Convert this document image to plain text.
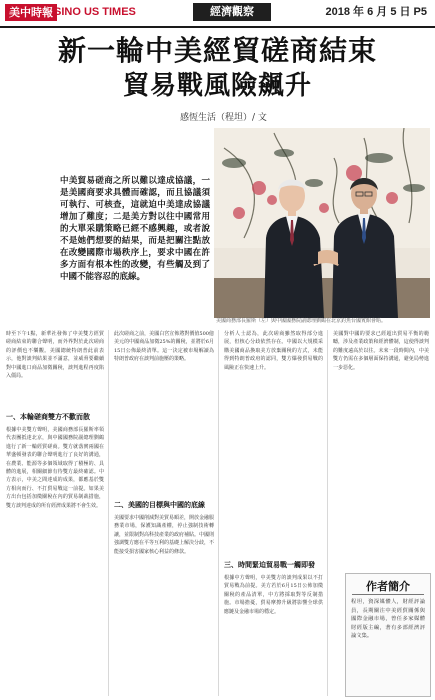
美中時報 SINO US TIMES	經濟觀察	2018 年 6 月 5 日 P5
新一輪中美經貿磋商結束
貿易戰風險飆升
感恆生活（程坦）/ 文
中美貿易磋商之所以難以達成協議，一是美國商要求具體而確認，而且協議須可執行、可核查，這就迫中美達成協議增加了難度；二是美方對以往中國常用的大單采購策略已經不感興趣，或者說不是她們想要的結果，而是把關注點放在改變國際市場秩序上，要求中國在許多方面有根本性的改變，有些觸及到了中國不能容忍的底線。
美國商務部長羅斯（左）與中國國務院副總理劉鶴在北京釣魚台國賓館會晤。
時至下午1點，新華社發佈了中美雙方經貿磋商結束的聯合聲明，而外界對於此次磋商的評價也不樂觀。美國總統特朗普此前表示，他對談判結果並不滿意，並威脅要繼續對中國進口商品加徵關稅，談判進程再度陷入僵局。
一、本輪磋商雙方不歡而散
根據中美雙方聲明，美國商務部長羅斯率領代表團抵達北京，與中國國務院副總理劉鶴進行了新一輪經貿磋商。雙方就落實兩國在華盛頓發表的聯合聲明進行了良好的溝通，在農業、能源等多個領域取得了積極的、具體的進展，相關細節有待雙方最終確認。中方表示，中美之間達成的成果，都應基於雙方相向而行、不打貿易戰這一前提。如果美方出台包括加徵關稅在內的貿易制裁措施，雙方談判達成的所有經濟成果將不會生效。
此次磋商之前，美國白宮宣佈將對價值500億美元的中國商品加徵25%的關稅，並將於6月15日公佈最終清單。這一決定被市場解讀為特朗普政府在談判前施壓的策略。
二、美國的目標與中國的底線
美國要求中國削減對美貿易順差，開放金融服務業市場，保護知識產權，停止強制技術轉讓，並限制對高科技產業的政府補貼。中國則強調雙方應在平等互利的基礎上解決分歧，不能接受損害國家核心利益的條款。
分析人士認為，此次磋商雖然取得部分進展，但核心分歧依然存在。中國以大規模采購美國商品換取美方放棄關稅的方式，未能得到特朗普政府的認同，雙方爆發貿易戰的風險正在快速上升。
三、時間緊迫貿易戰一觸即發
根據中方聲明，中美雙方的談判成果以不打貿易戰為前提。美方若於6月15日公佈加徵關稅的產品清單，中方將採取對等反制措施。市場擔憂，貿易摩擦升級將影響全球供應鏈及金融市場的穩定。
美國對中國的要求已經超出貿易平衡的範疇，涉及產業政策和經濟體制，這使得談判的難度遠高於以往。未來一段時間內，中美雙方仍需在多個層面保持溝通，避免局勢進一步惡化。
作者簡介
程坦，資深媒體人，財經評論員，長期關注中美經貿關係與國際金融市場，曾任多家媒體財經版主編，著有多部經濟評論文集。
